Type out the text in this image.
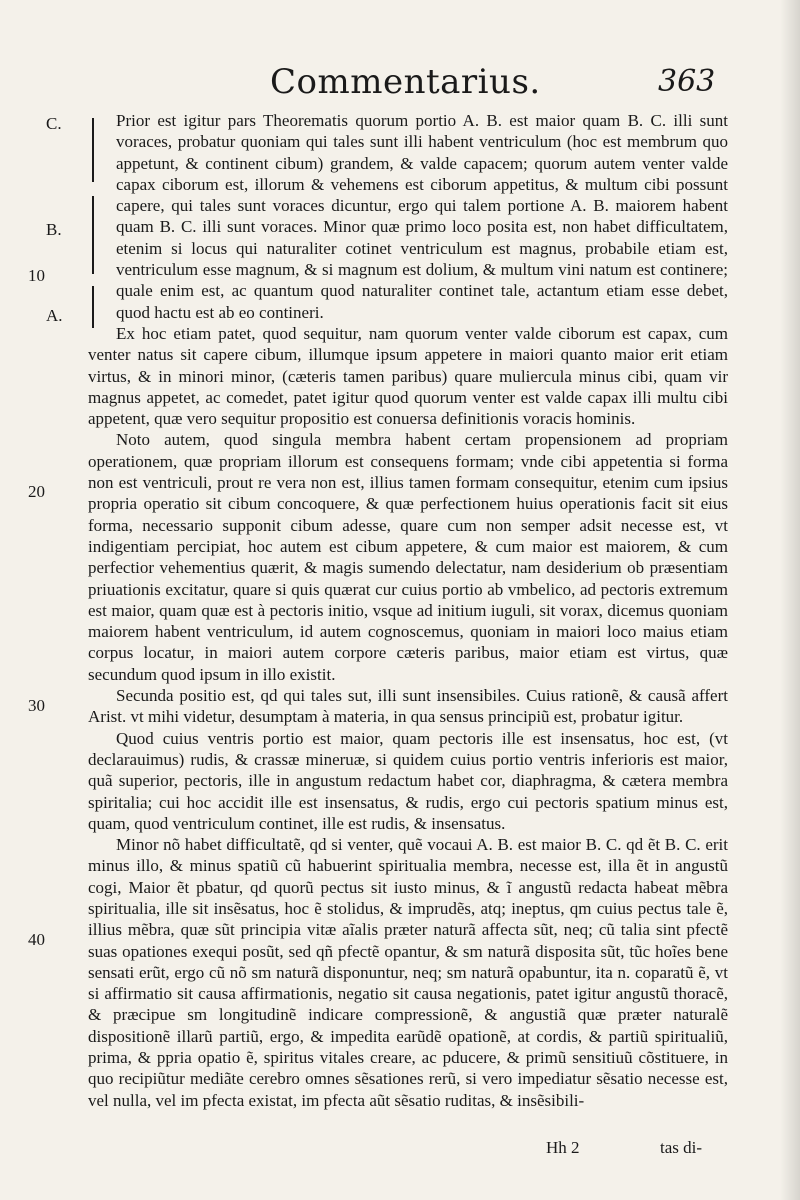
Commentarius.	363
C.
B.
A.
10
20
30
40

Prior est igitur pars Theorematis quorum portio A. B. est maior quam B. C. illi sunt voraces, probatur quoniam qui tales sunt illi habent ventriculum (hoc est membrum quo appetunt, & continent cibum) grandem, & valde capacem; quorum autem venter valde capax ciborum est, illorum & vehemens est ciborum appetitus, & multum cibi possunt capere, qui tales sunt voraces dicuntur, ergo qui talem portione A. B. maiorem habent quam B. C. illi sunt voraces. Minor quæ primo loco posita est, non habet difficultatem, etenim si locus qui naturaliter cotinet ventriculum est magnus, probabile etiam est, ventriculum esse magnum, & si magnum est dolium, & multum vini natum est continere; quale enim est, ac quantum quod naturaliter continet tale, actantum etiam esse debet, quod hactu est ab eo contineri.

Ex hoc etiam patet, quod sequitur, nam quorum venter valde ciborum est capax, cum venter natus sit capere cibum, illumque ipsum appetere in maiori quanto maior erit etiam virtus, & in minori minor, (cæteris tamen paribus) quare muliercula minus cibi, quam vir magnus appetet, ac comedet, patet igitur quod quorum venter est valde capax illi multu cibi appetent, quæ vero sequitur propositio est conuersa definitionis voracis hominis.

Noto autem, quod singula membra habent certam propensionem ad propriam operationem, quæ propriam illorum est consequens formam; vnde cibi appetentia si forma non est ventriculi, prout re vera non est, illius tamen formam consequitur, etenim cum ipsius propria operatio sit cibum concoquere, & quæ perfectionem huius operationis facit sit eius forma, necessario supponit cibum adesse, quare cum non semper adsit necesse est, vt indigentiam percipiat, hoc autem est cibum appetere, & cum maior est maiorem, & cum perfectior vehementius quærit, & magis sumendo delectatur, nam desiderium ob præsentiam priuationis excitatur, quare si quis quærat cur cuius portio ab vmbelico, ad pectoris extremum est maior, quam quæ est à pectoris initio, vsque ad initium iuguli, sit vorax, dicemus quoniam maiorem habent ventriculum, id autem cognoscemus, quoniam in maiori loco maius etiam corpus locatur, in maiori autem corpore cæteris paribus, maior etiam est virtus, quæ secundum quod ipsum in illo existit.

Secunda positio est, qd qui tales sut, illi sunt insensibiles. Cuius rationẽ, & causã affert Arist. vt mihi videtur, desumptam à materia, in qua sensus principiũ est, probatur igitur.

Quod cuius ventris portio est maior, quam pectoris ille est insensatus, hoc est, (vt declarauimus) rudis, & crassæ mineruæ, si quidem cuius portio ventris inferioris est maior, quã superior, pectoris, ille in angustum redactum habet cor, diaphragma, & cætera membra spiritalia; cui hoc accidit ille est insensatus, & rudis, ergo cui pectoris spatium minus est, quam, quod ventriculum continet, ille est rudis, & insensatus.

Minor nõ habet difficultatẽ, qd si venter, quẽ vocaui A. B. est maior B. C. qd ẽt B. C. erit minus illo, & minus spatiũ cũ habuerint spiritualia membra, necesse est, illa ẽt in angustũ cogi, Maior ẽt pbatur, qd quorũ pectus sit iusto minus, & ĩ angustũ redacta habeat mẽbra spiritualia, ille sit insẽsatus, hoc ẽ stolidus, & imprudẽs, atq; ineptus, qm cuius pectus tale ẽ, illius mẽbra, quæ sũt principia vitæ aĩalis præter naturã affecta sũt, neq; cũ talia sint pfectẽ suas opationes exequi posũt, sed qñ pfectẽ opantur, & sm naturã disposita sũt, tũc hoĩes bene sensati erũt, ergo cũ nõ sm naturã disponuntur, neq; sm naturã opabuntur, ita n. coparatũ ẽ, vt si affirmatio sit causa affirmationis, negatio sit causa negationis, patet igitur angustũ thoracẽ, & præcipue sm longitudinẽ indicare compressionẽ, & angustiã quæ præter naturalẽ dispositionẽ illarũ partiũ, ergo, & impedita earũdẽ opationẽ, at cordis, & partiũ spiritualiũ, prima, & ppria opatio ẽ, spiritus vitales creare, ac pducere, & primũ sensitiuũ cõstituere, in quo recipiũtur mediãte cerebro omnes sẽsationes rerũ, si vero impediatur sẽsatio necesse est, vel nulla, vel im pfecta existat, im pfecta aũt sẽsatio ruditas, & insẽsibili-

Hh 2	tas di-
